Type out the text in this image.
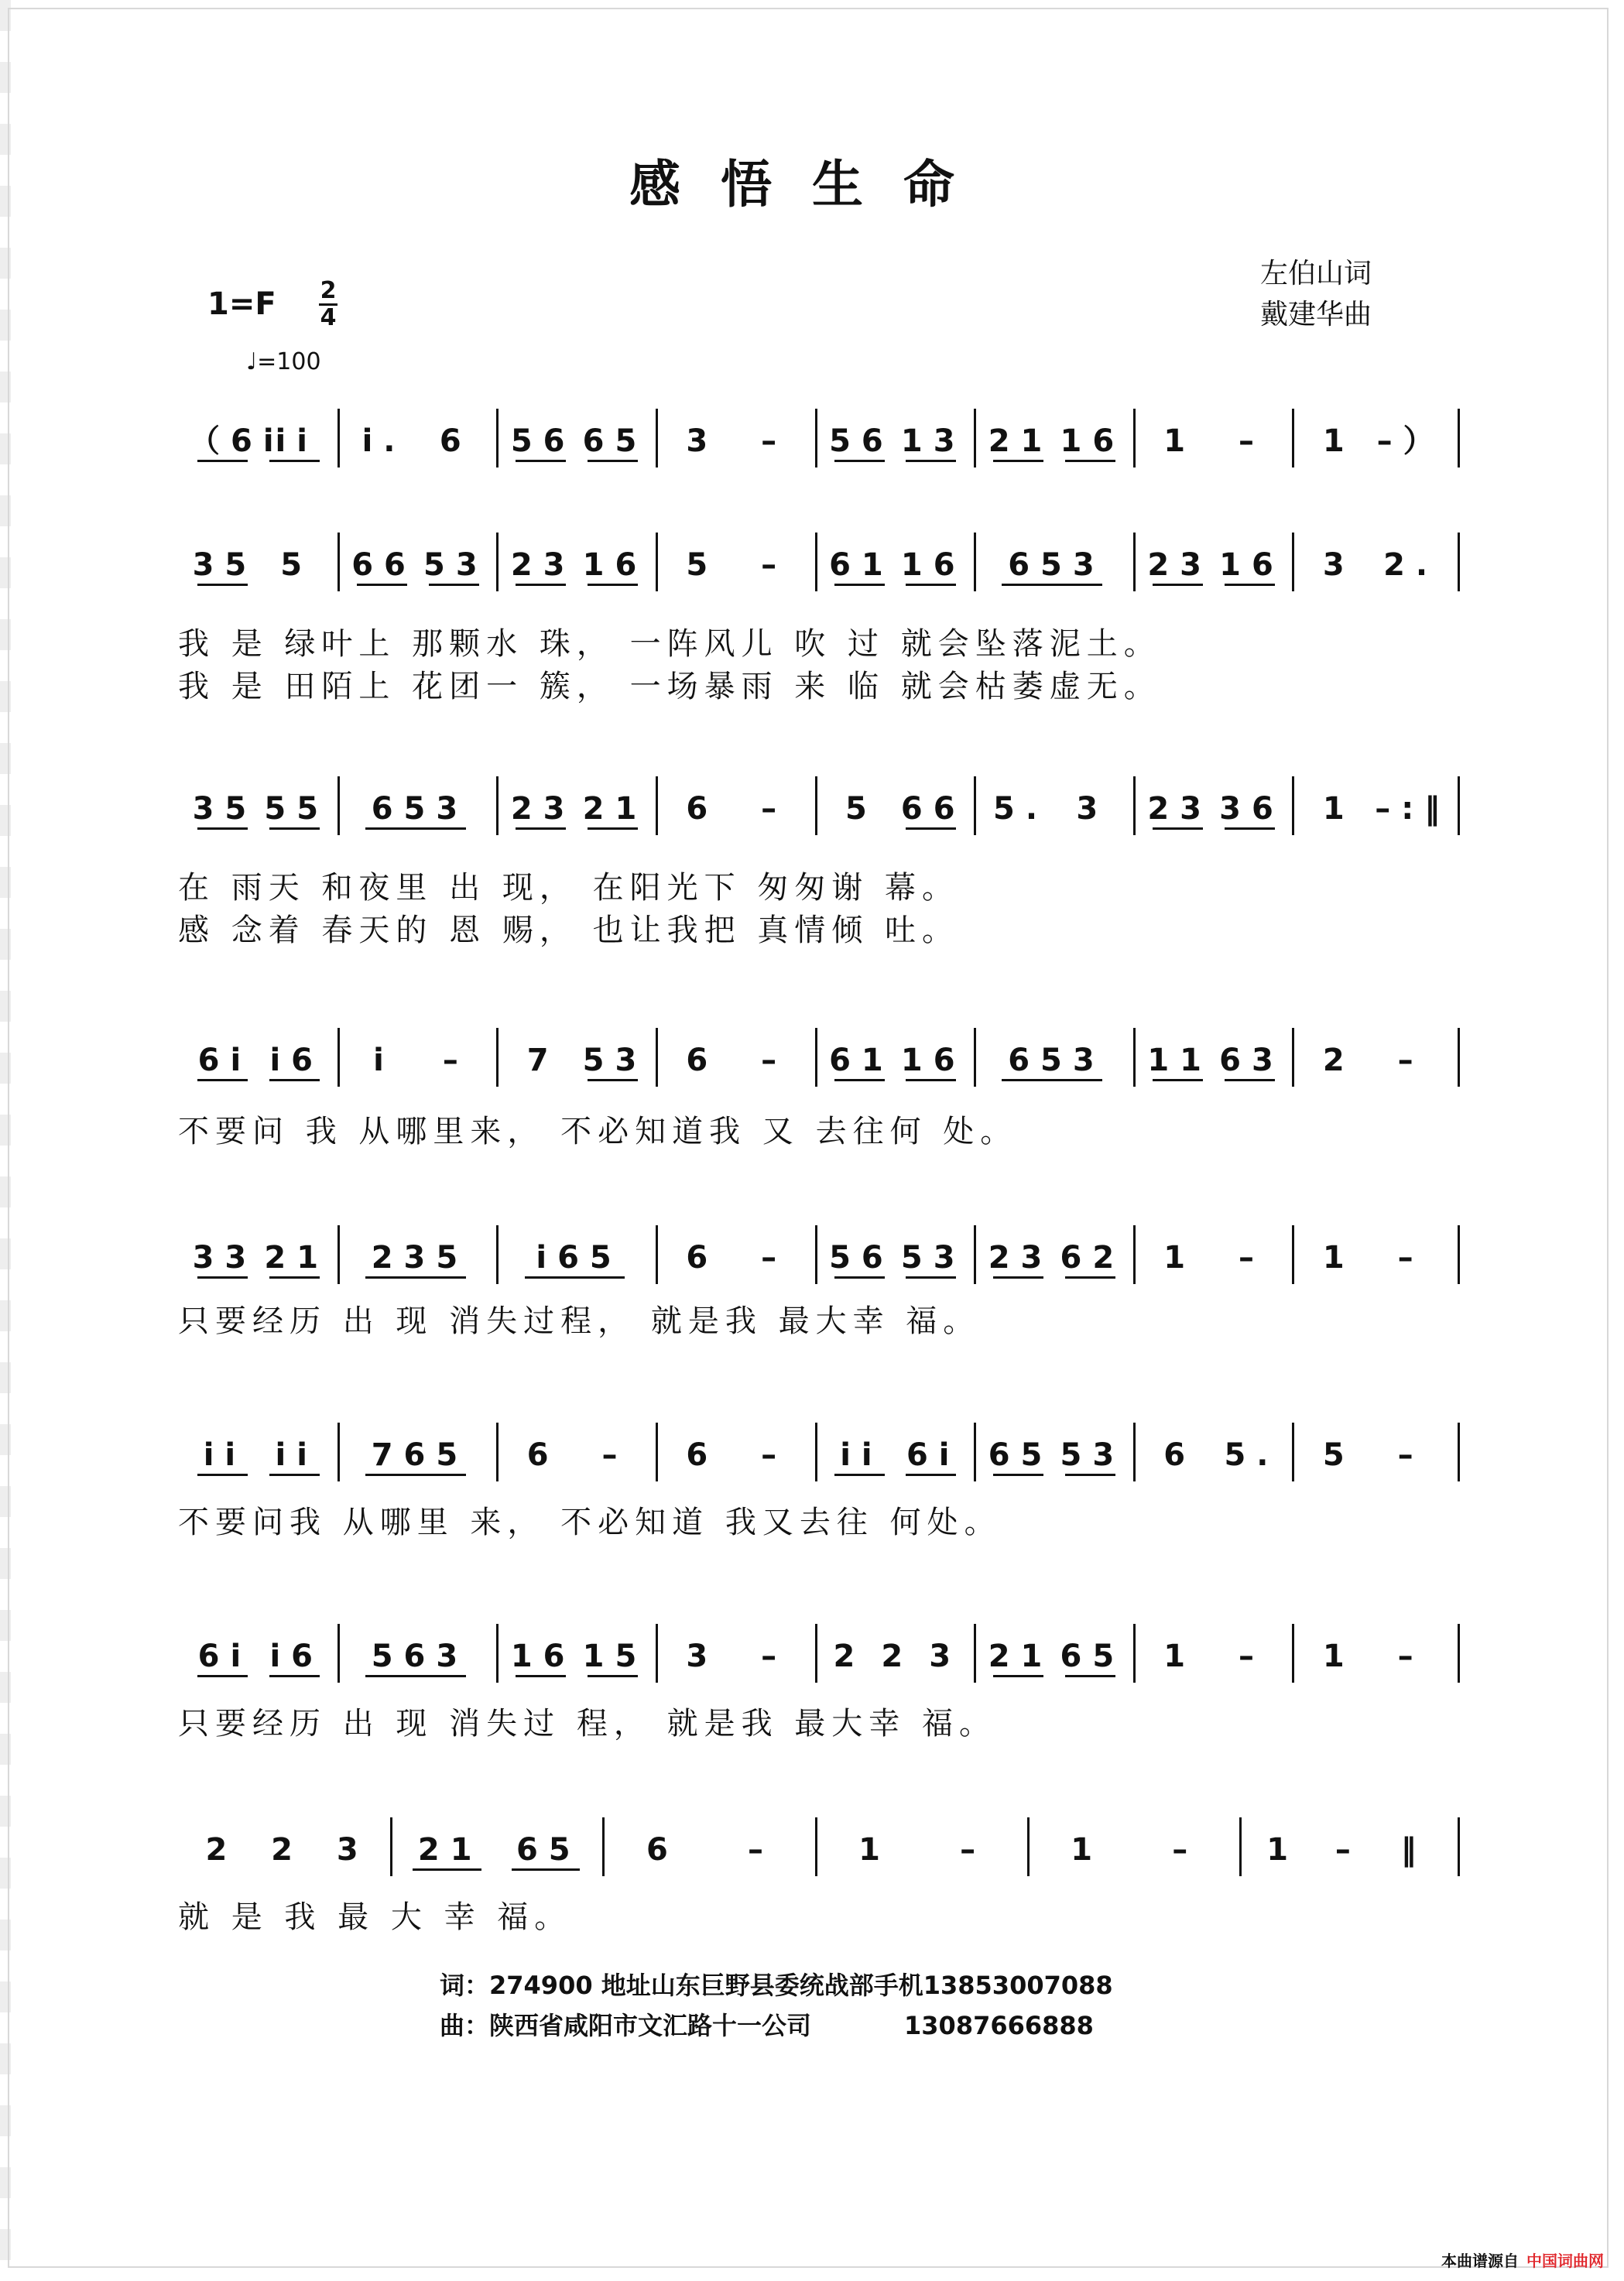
感悟生命
左伯山词
戴建华曲
1=F 2
4
♩=100
（6i
ii	i.	6	56 65	3	–	56 13 21 16	1	–	1 –）
35 5	66 53 23 16	5	–	61 16	653	23 16	3 2.
我 是 绿叶上 那颗水 珠， 一阵风儿 吹 过 就会坠落泥土。
我 是 田陌上 花团一 簇， 一场暴雨 来 临 就会枯萎虚无。
35 55	653	23 21	6	–	5 66 5. 3	23 36	1 –:‖
在 雨天 和夜里 出 现， 在阳光下 匆匆谢 幕。
感 念着 春天的 恩 赐， 也让我把 真情倾 吐。
6i i6	i	–	7 53	6	–	61 16	653	11 63	2	–
不要问 我 从哪里来， 不必知道我 又 去往何 处。
33 21	235	i65	6	–	56 53 23 62	1	–	1	–
只要经历 出 现 消失过程， 就是我 最大幸 福。
ii ii	765	6	–	6	–	ii 6i 65 53	6 5.	5	–
不要问我 从哪里 来， 不必知道 我又去往 何处。
6i i6	563	16 15	3	–	2 2 3 21 65	1	–	1	–
只要经历 出 现 消失过 程， 就是我 最大幸 福。
2	2	3	21	65	6	–	1	–	1	–	1	–	‖
就 是 我 最 大 幸 福。
词：274900 地址山东巨野县委统战部手机13853007088
曲：陕西省咸阳市文汇路十一公司	13087666888
本曲谱源自 中国词曲网
